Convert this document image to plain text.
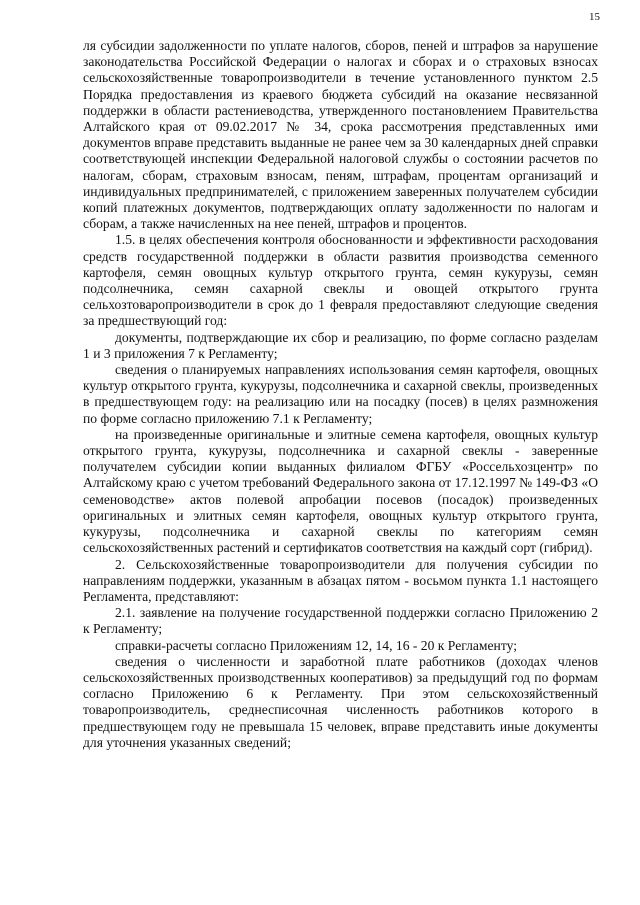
15

ля субсидии задолженности по уплате налогов, сборов, пеней и штрафов за нарушение законодательства Российской Федерации о налогах и сборах и о страховых взносах сельскохозяйственные товаропроизводители в течение установленного пунктом 2.5 Порядка предоставления из краевого бюджета субсидий на оказание несвязанной поддержки в области растениеводства, утвержденного постановлением Правительства Алтайского края от 09.02.2017 № 34, срока рассмотрения представленных ими документов вправе представить выданные не ранее чем за 30 календарных дней справки соответствующей инспекции Федеральной налоговой службы о состоянии расчетов по налогам, сборам, страховым взносам, пеням, штрафам, процентам организаций и индивидуальных предпринимателей, с приложением заверенных получателем субсидии копий платежных документов, подтверждающих оплату задолженности по налогам и сборам, а также начисленных на нее пеней, штрафов и процентов.

1.5. в целях обеспечения контроля обоснованности и эффективности расходования средств государственной поддержки в области развития производства семенного картофеля, семян овощных культур открытого грунта, семян кукурузы, семян подсолнечника, семян сахарной свеклы и овощей открытого грунта сельхозтоваропроизводители в срок до 1 февраля предоставляют следующие сведения за предшествующий год:

документы, подтверждающие их сбор и реализацию, по форме согласно разделам 1 и 3 приложения 7 к Регламенту;

сведения о планируемых направлениях использования семян картофеля, овощных культур открытого грунта, кукурузы, подсолнечника и сахарной свеклы, произведенных в предшествующем году: на реализацию или на посадку (посев) в целях размножения по форме согласно приложению 7.1 к Регламенту;

на произведенные оригинальные и элитные семена картофеля, овощных культур открытого грунта, кукурузы, подсолнечника и сахарной свеклы - заверенные получателем субсидии копии выданных филиалом ФГБУ «Россельхозцентр» по Алтайскому краю с учетом требований Федерального закона от 17.12.1997 № 149-ФЗ «О семеноводстве» актов полевой апробации посевов (посадок) произведенных оригинальных и элитных семян картофеля, овощных культур открытого грунта, кукурузы, подсолнечника и сахарной свеклы по категориям семян сельскохозяйственных растений и сертификатов соответствия на каждый сорт (гибрид).

2. Сельскохозяйственные товаропроизводители для получения субсидии по направлениям поддержки, указанным в абзацах пятом - восьмом пункта 1.1 настоящего Регламента, представляют:

2.1. заявление на получение государственной поддержки согласно Приложению 2 к Регламенту;

справки-расчеты согласно Приложениям 12, 14, 16 - 20 к Регламенту;

сведения о численности и заработной плате работников (доходах членов сельскохозяйственных производственных кооперативов) за предыдущий год по формам согласно Приложению 6 к Регламенту. При этом сельскохозяйственный товаропроизводитель, среднесписочная численность работников которого в предшествующем году не превышала 15 человек, вправе представить иные документы для уточнения указанных сведений;
